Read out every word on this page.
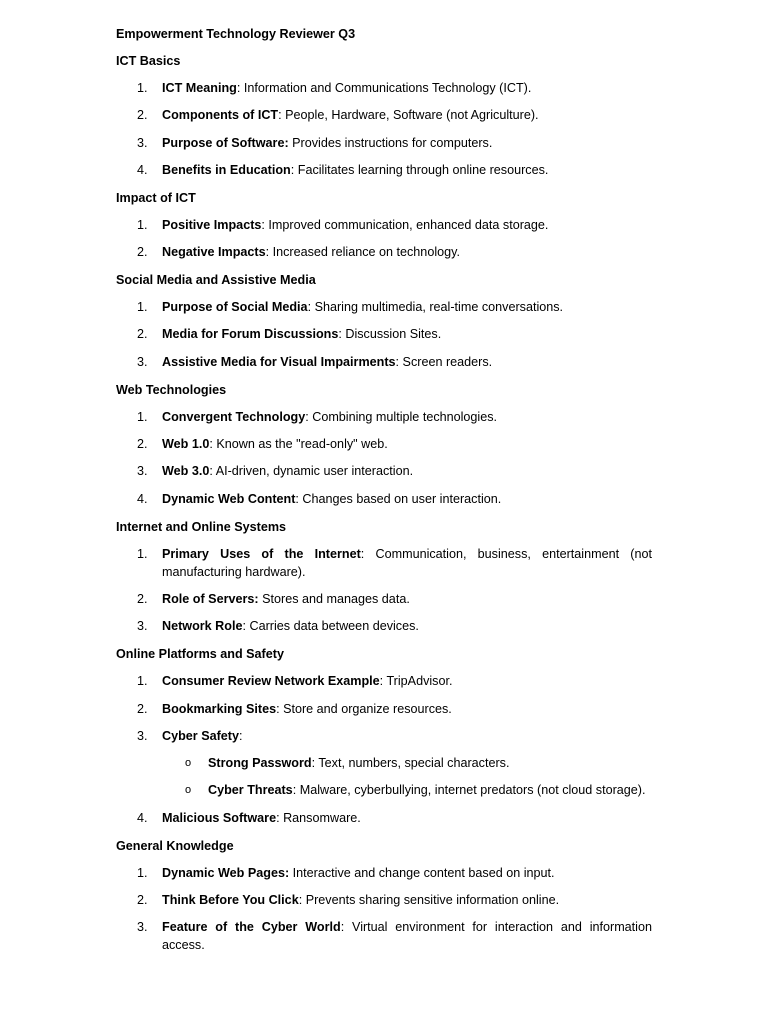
Empowerment Technology Reviewer Q3
ICT Basics
1. ICT Meaning: Information and Communications Technology (ICT).
2. Components of ICT: People, Hardware, Software (not Agriculture).
3. Purpose of Software: Provides instructions for computers.
4. Benefits in Education: Facilitates learning through online resources.
Impact of ICT
1. Positive Impacts: Improved communication, enhanced data storage.
2. Negative Impacts: Increased reliance on technology.
Social Media and Assistive Media
1. Purpose of Social Media: Sharing multimedia, real-time conversations.
2. Media for Forum Discussions: Discussion Sites.
3. Assistive Media for Visual Impairments: Screen readers.
Web Technologies
1. Convergent Technology: Combining multiple technologies.
2. Web 1.0: Known as the "read-only" web.
3. Web 3.0: AI-driven, dynamic user interaction.
4. Dynamic Web Content: Changes based on user interaction.
Internet and Online Systems
1. Primary Uses of the Internet: Communication, business, entertainment (not manufacturing hardware).
2. Role of Servers: Stores and manages data.
3. Network Role: Carries data between devices.
Online Platforms and Safety
1. Consumer Review Network Example: TripAdvisor.
2. Bookmarking Sites: Store and organize resources.
3. Cyber Safety:
o Strong Password: Text, numbers, special characters.
o Cyber Threats: Malware, cyberbullying, internet predators (not cloud storage).
4. Malicious Software: Ransomware.
General Knowledge
1. Dynamic Web Pages: Interactive and change content based on input.
2. Think Before You Click: Prevents sharing sensitive information online.
3. Feature of the Cyber World: Virtual environment for interaction and information access.
